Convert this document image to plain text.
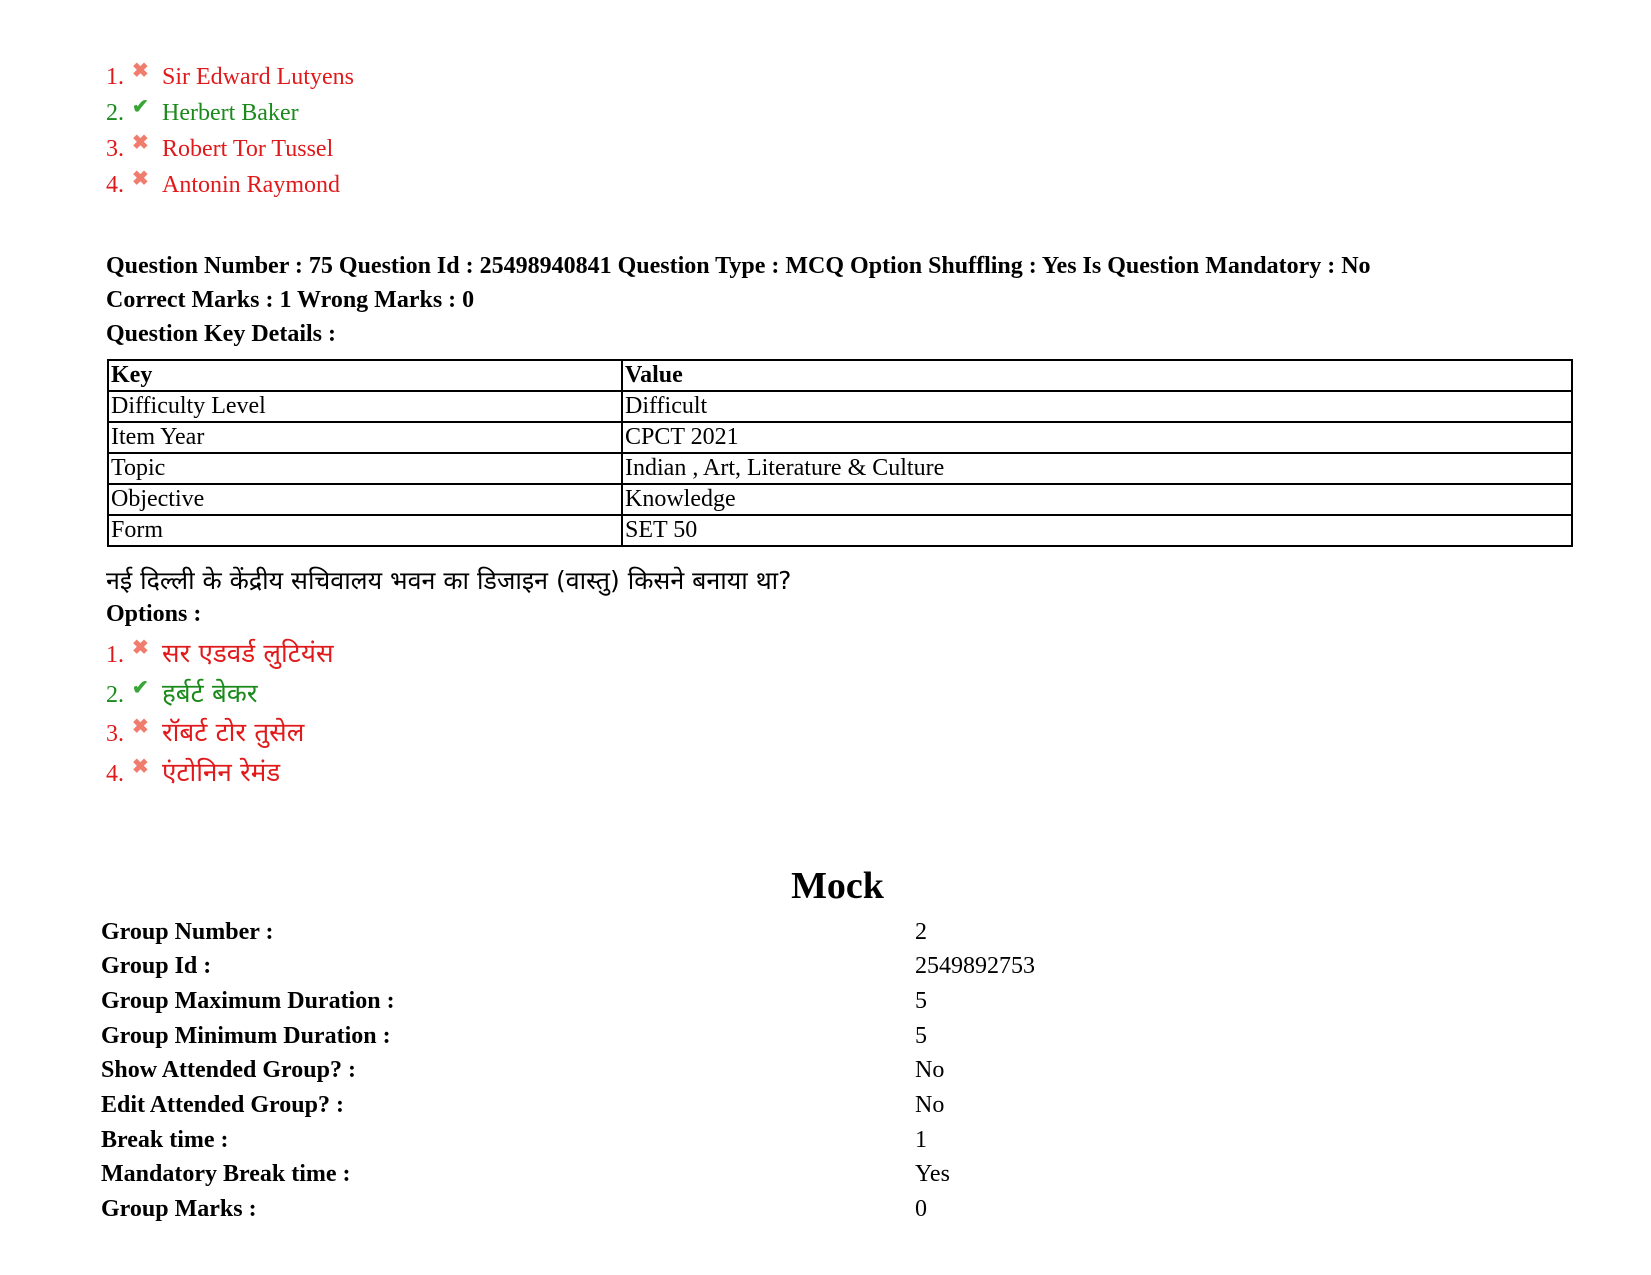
1. ✖ Sir Edward Lutyens
2. ✔ Herbert Baker
3. ✖ Robert Tor Tussel
4. ✖ Antonin Raymond
Question Number : 75 Question Id : 25498940841 Question Type : MCQ Option Shuffling : Yes Is Question Mandatory : No
Correct Marks : 1 Wrong Marks : 0
Question Key Details :
Key	Value
Difficulty Level	Difficult
Item Year	CPCT 2021
Topic	Indian , Art, Literature & Culture
Objective	Knowledge
Form	SET 50
नई दिल्ली के केंद्रीय सचिवालय भवन का डिजाइन (वास्तु) किसने बनाया था?
Options :
1. ✖ सर एडवर्ड लुटियंस
2. ✔ हर्बर्ट बेकर
3. ✖ रॉबर्ट टोर तुसेल
4. ✖ एंटोनिन रेमंड
Mock
Group Number :	2
Group Id :	2549892753
Group Maximum Duration :	5
Group Minimum Duration :	5
Show Attended Group? :	No
Edit Attended Group? :	No
Break time :	1
Mandatory Break time :	Yes
Group Marks :	0
